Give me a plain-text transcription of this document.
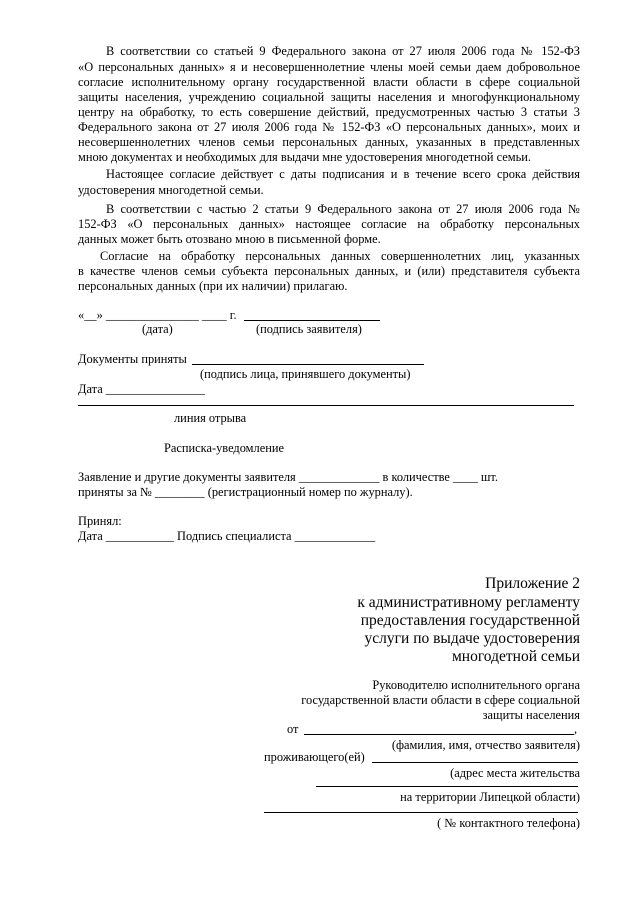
В соответствии со статьей 9 Федерального закона от 27 июля 2006 года № 152-ФЗ
«О персональных данных» я и несовершеннолетние члены моей семьи даем добровольное
согласие исполнительному органу государственной власти области в сфере социальной
защиты населения, учреждению социальной защиты населения и многофункциональному
центру на обработку, то есть совершение действий, предусмотренных частью 3 статьи 3
Федерального закона от 27 июля 2006 года № 152-ФЗ «О персональных данных», моих и
несовершеннолетних членов семьи персональных данных, указанных в представленных
мною документах и необходимых для выдачи мне удостоверения многодетной семьи.
Настоящее согласие действует с даты подписания и в течение всего срока действия
удостоверения многодетной семьи.
В соответствии с частью 2 статьи 9 Федерального закона от 27 июля 2006 года №
152-ФЗ «О персональных данных» настоящее согласие на обработку персональных
данных может быть отозвано мною в письменной форме.
Согласие на обработку персональных данных совершеннолетних лиц, указанных
в качестве членов семьи субъекта персональных данных, и (или) представителя субъекта
персональных данных (при их наличии) прилагаю.
«__» _______________ ____ г.
(дата)	(подпись заявителя)
Документы приняты
(подпись лица, принявшего документы)
Дата ________________
линия отрыва
Расписка-уведомление
Заявление и другие документы заявителя _____________ в количестве ____ шт.
приняты за № ________ (регистрационный номер по журналу).
Принял:
Дата ___________ Подпись специалиста _____________
Приложение 2
к административному регламенту
предоставления государственной
услуги по выдаче удостоверения
многодетной семьи
Руководителю исполнительного органа
государственной власти области в сфере социальной
защиты населения
от	,
(фамилия, имя, отчество заявителя)
проживающего(ей)
(адрес места жительства
на территории Липецкой области)
( № контактного телефона)
